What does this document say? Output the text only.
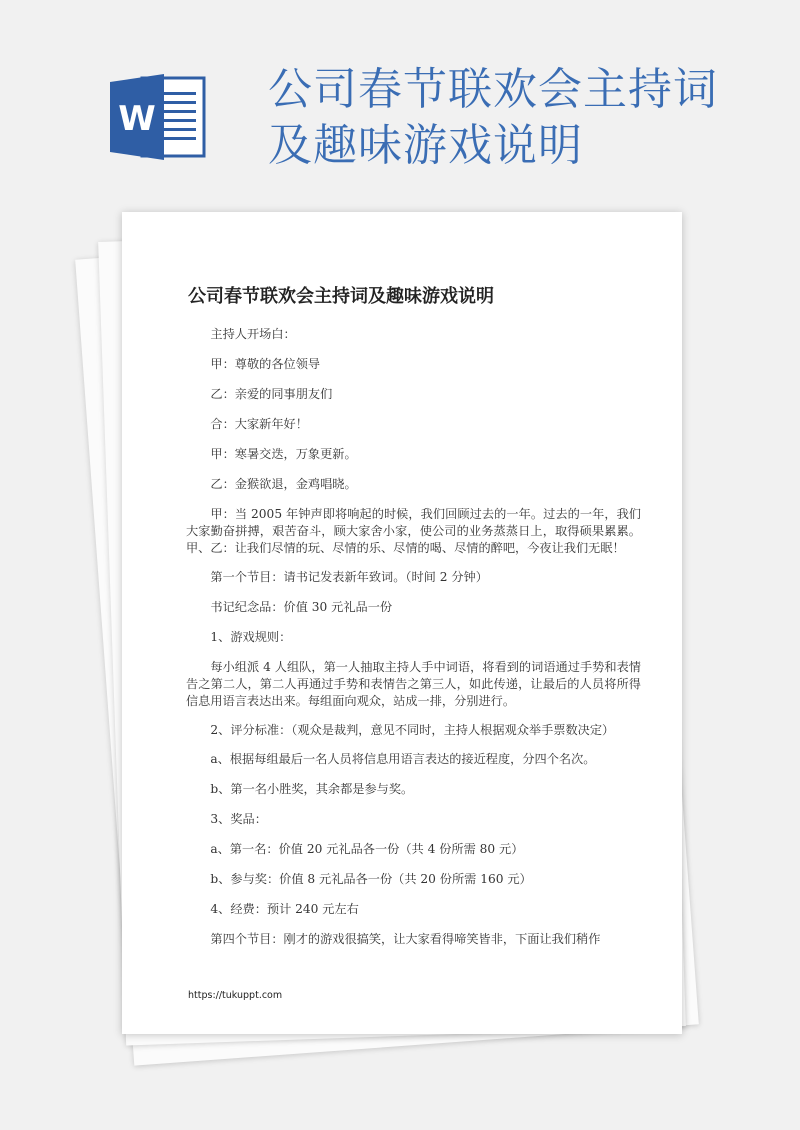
W
公司春节联欢会主持词
及趣味游戏说明
公司春节联欢会主持词及趣味游戏说明

主持人开场白：

甲：尊敬的各位领导

乙：亲爱的同事朋友们

合：大家新年好！

甲：寒暑交迭，万象更新。

乙：金猴欲退，金鸡唱晓。

甲：当 2005 年钟声即将响起的时候，我们回顾过去的一年。过去的一年，我们大家勤奋拼搏，艰苦奋斗，顾大家舍小家，使公司的业务蒸蒸日上，取得硕果累累。 甲、乙：让我们尽情的玩、尽情的乐、尽情的喝、尽情的醉吧，今夜让我们无眠！

第一个节目：请书记发表新年致词。（时间 2 分钟）

书记纪念品：价值 30 元礼品一份

1、游戏规则：

每小组派 4 人组队，第一人抽取主持人手中词语，将看到的词语通过手势和表情告之第二人，第二人再通过手势和表情告之第三人，如此传递，让最后的人员将所得信息用语言表达出来。每组面向观众，站成一排，分别进行。

2、评分标准：（观众是裁判，意见不同时，主持人根据观众举手票数决定）

a、根据每组最后一名人员将信息用语言表达的接近程度，分四个名次。

b、第一名小胜奖，其余都是参与奖。

3、奖品：

a、第一名：价值 20 元礼品各一份（共 4 份所需 80 元）

b、参与奖：价值 8 元礼品各一份（共 20 份所需 160 元）

4、经费：预计 240 元左右

第四个节目：刚才的游戏很搞笑，让大家看得啼笑皆非，下面让我们稍作

https://tukuppt.com
